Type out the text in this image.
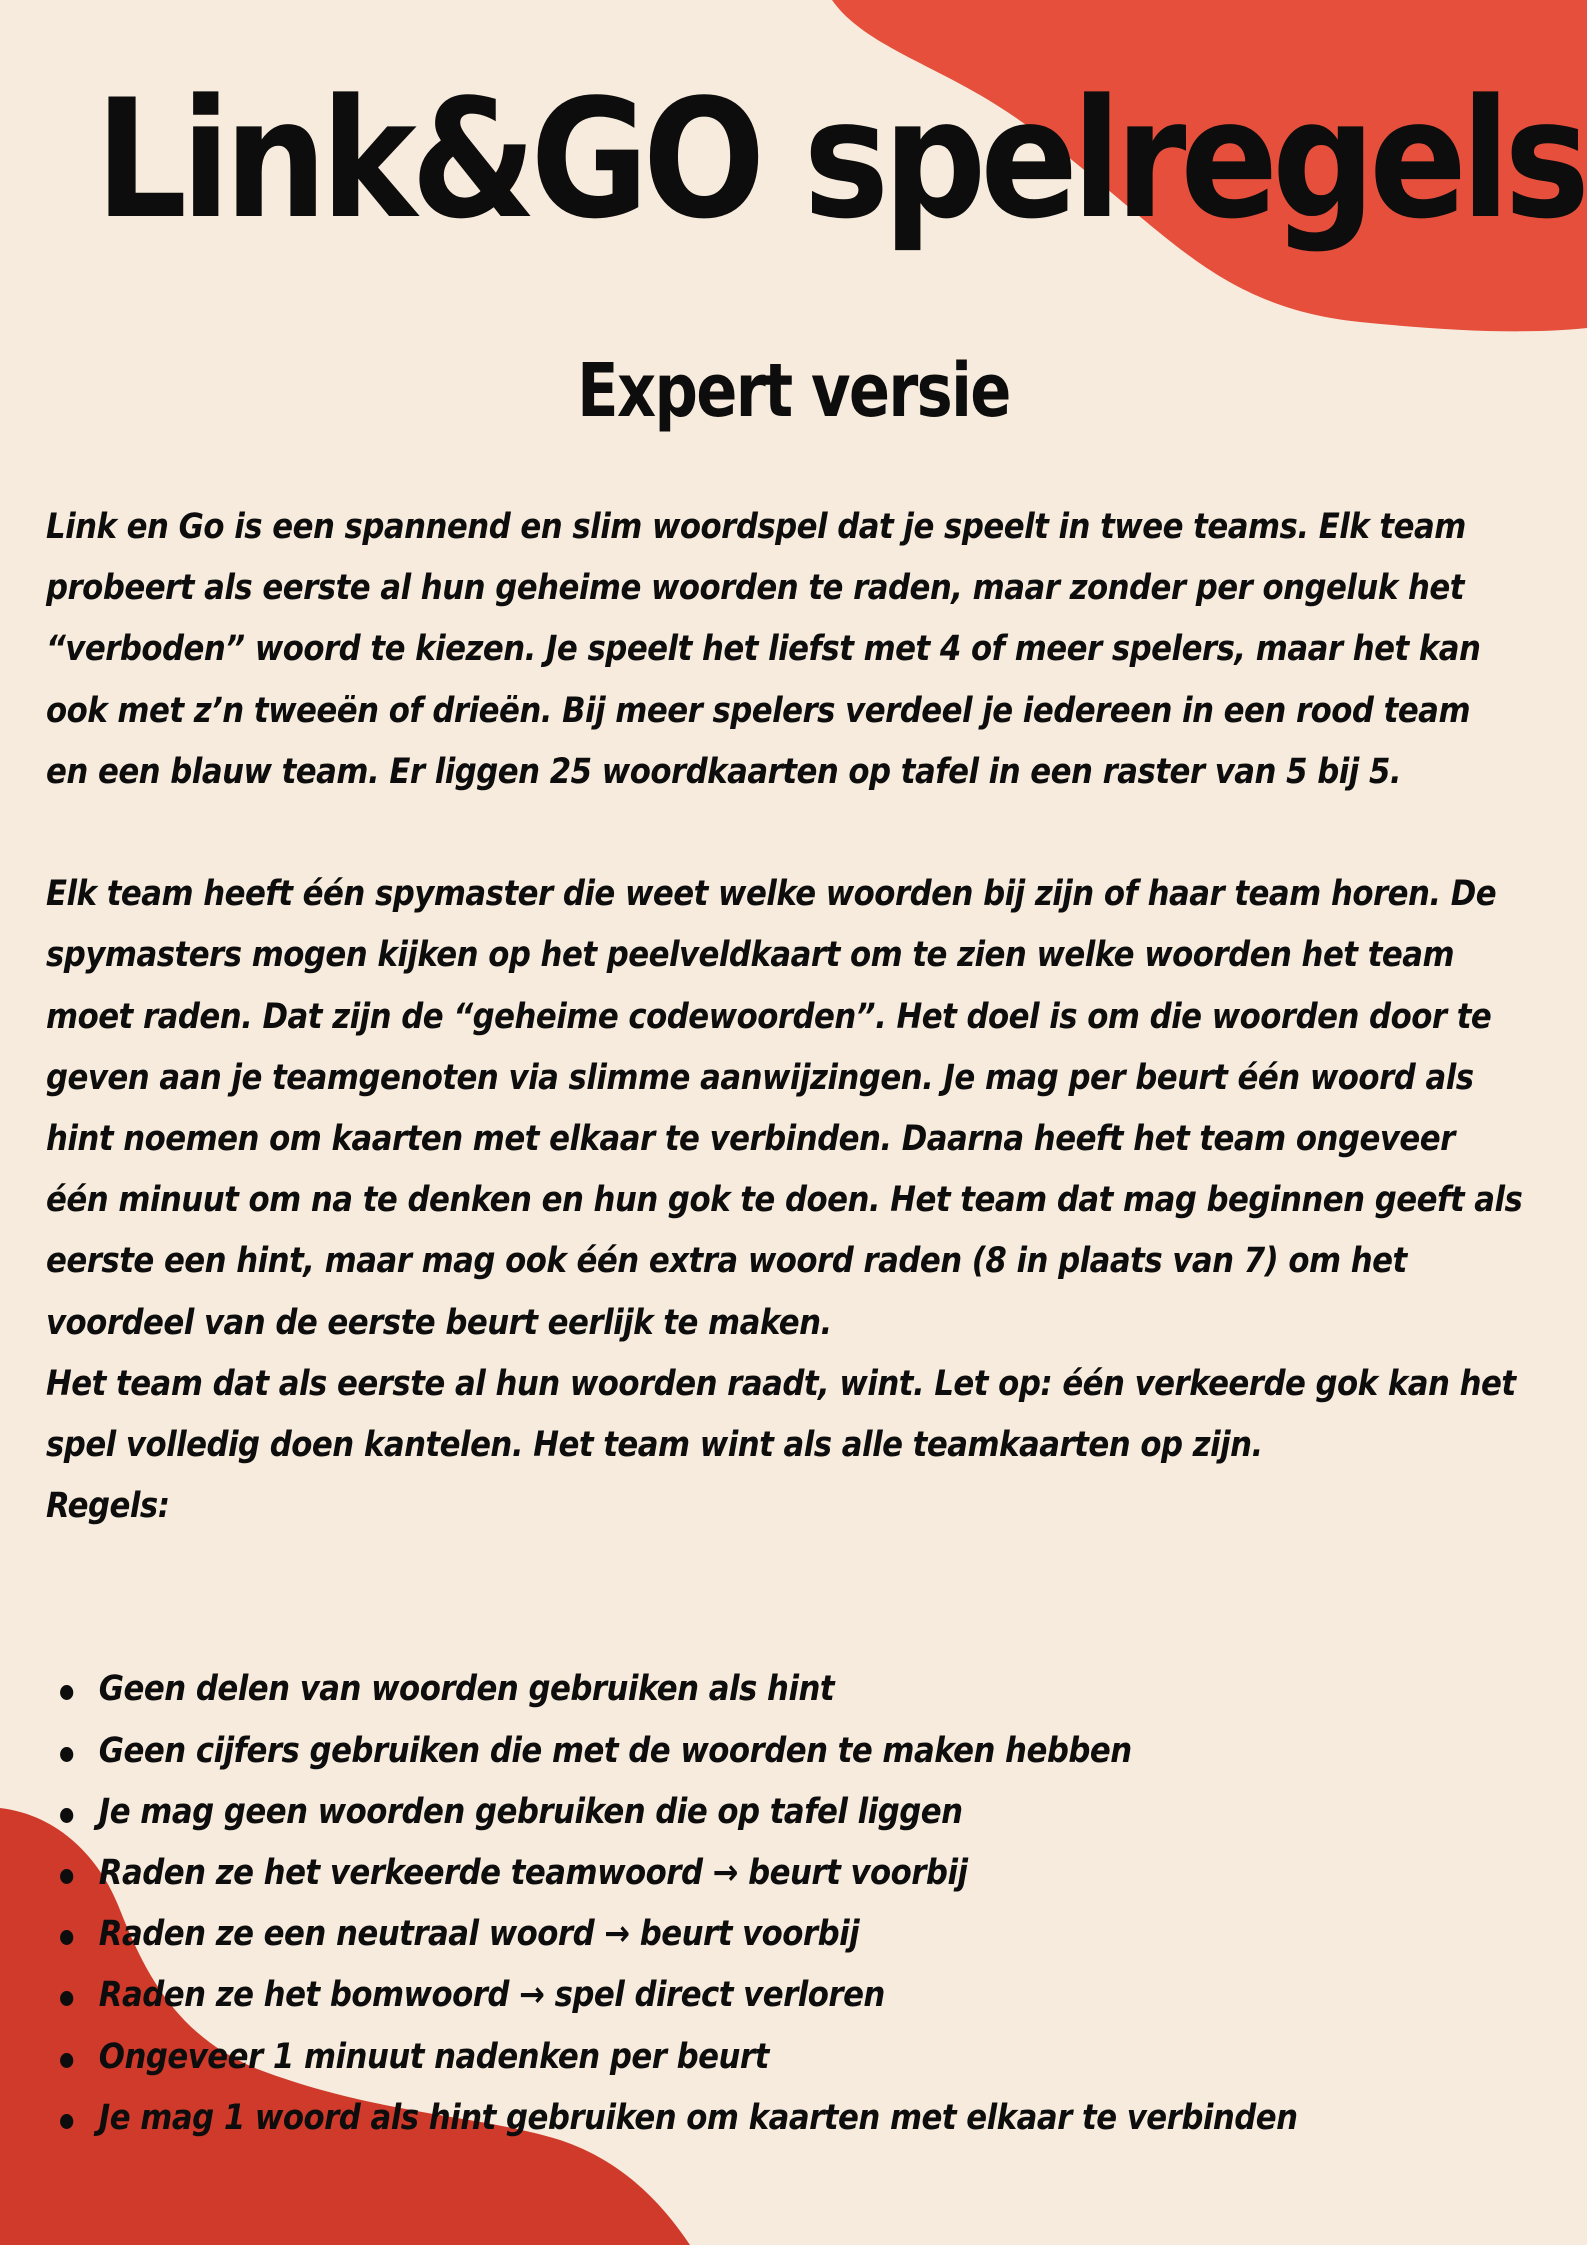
Link&GO spelregels
Expert versie

Link en Go is een spannend en slim woordspel dat je speelt in twee teams. Elk team

probeert als eerste al hun geheime woorden te raden, maar zonder per ongeluk het

“verboden” woord te kiezen. Je speelt het liefst met 4 of meer spelers, maar het kan

ook met z’n tweeën of drieën. Bij meer spelers verdeel je iedereen in een rood team

en een blauw team. Er liggen 25 woordkaarten op tafel in een raster van 5 bij 5.

Elk team heeft één spymaster die weet welke woorden bij zijn of haar team horen. De

spymasters mogen kijken op het peelveldkaart om te zien welke woorden het team

moet raden. Dat zijn de “geheime codewoorden”. Het doel is om die woorden door te

geven aan je teamgenoten via slimme aanwijzingen. Je mag per beurt één woord als

hint noemen om kaarten met elkaar te verbinden. Daarna heeft het team ongeveer

één minuut om na te denken en hun gok te doen. Het team dat mag beginnen geeft als

eerste een hint, maar mag ook één extra woord raden (8 in plaats van 7) om het

voordeel van de eerste beurt eerlijk te maken.

Het team dat als eerste al hun woorden raadt, wint. Let op: één verkeerde gok kan het

spel volledig doen kantelen. Het team wint als alle teamkaarten op zijn.

Regels:

Geen delen van woorden gebruiken als hint
Geen cijfers gebruiken die met de woorden te maken hebben
Je mag geen woorden gebruiken die op tafel liggen
Raden ze het verkeerde teamwoord → beurt voorbij
Raden ze een neutraal woord → beurt voorbij
Raden ze het bomwoord → spel direct verloren
Ongeveer 1 minuut nadenken per beurt
Je mag 1 woord als hint gebruiken om kaarten met elkaar te verbinden
